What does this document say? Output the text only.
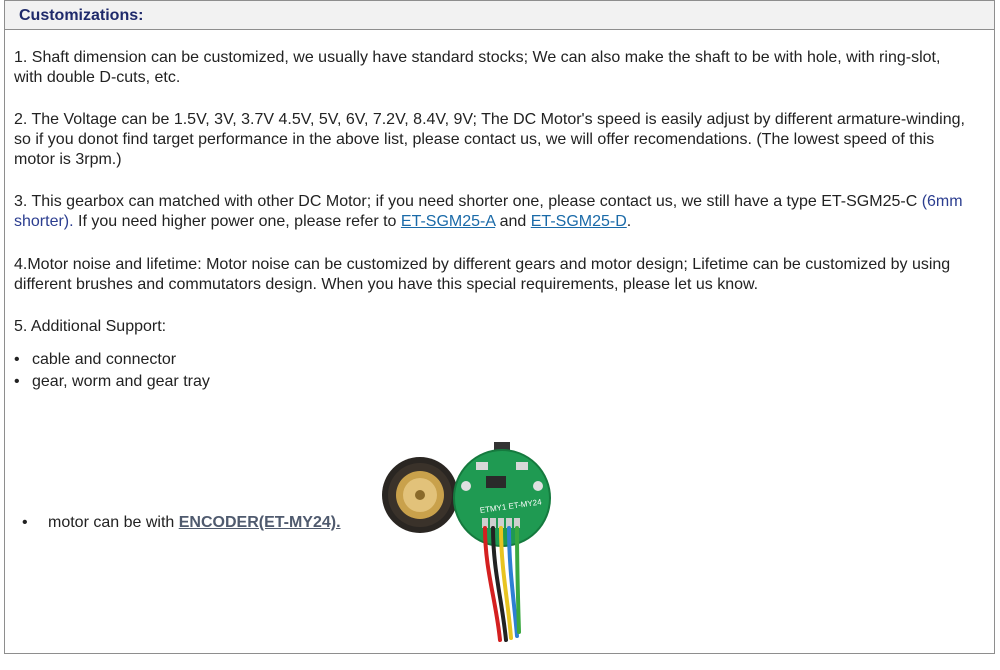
Customizations:

1. Shaft dimension can be customized, we usually have standard stocks; We can also make the shaft to be with hole, with ring-slot, with double D-cuts, etc.

2. The Voltage can be 1.5V, 3V, 3.7V 4.5V, 5V, 6V, 7.2V, 8.4V, 9V; The DC Motor's speed is easily adjust by different armature-winding, so if you donot find target performance in the above list, please contact us, we will offer recomendations. (The lowest speed of this motor is 3rpm.)

3. This gearbox can matched with other DC Motor; if you need shorter one, please contact us, we still have a type ET-SGM25-C (6mm shorter). If you need higher power one, please refer to ET-SGM25-A and ET-SGM25-D.

4.Motor noise and lifetime: Motor noise can be customized by different gears and motor design; Lifetime can be customized by using different brushes and commutators design. When you have this special requirements, please let us know.

5. Additional Support:

• cable and connector
• gear, worm and gear tray
• motor can be with ENCODER(ET-MY24).
ETMY1 ET-MY24
